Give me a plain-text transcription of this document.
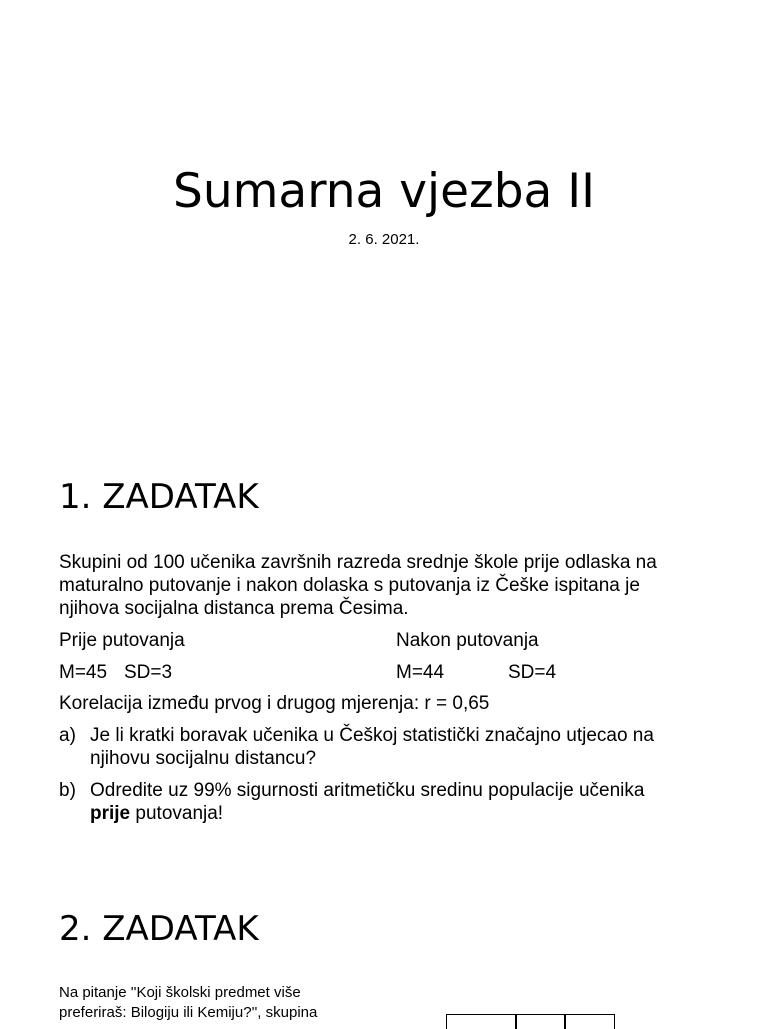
Sumarna vjezba II
2. 6. 2021.
1. ZADATAK
Skupini od 100 učenika završnih razreda srednje škole prije odlaska na
maturalno putovanje i nakon dolaska s putovanja iz Češke ispitana je
njihova socijalna distanca prema Česima.
Prije putovanja	Nakon putovanja
M=45 SD=3	M=44	SD=4
Korelacija između prvog i drugog mjerenja: r = 0,65
a) Je li kratki boravak učenika u Češkoj statistički značajno utjecao na
njihovu socijalnu distancu?
b) Odredite uz 99% sigurnosti aritmetičku sredinu populacije učenika
prije putovanja!
2. ZADATAK
Na pitanje ''Koji školski predmet više
preferiraš: Bilogiju ili Kemiju?'', skupina
